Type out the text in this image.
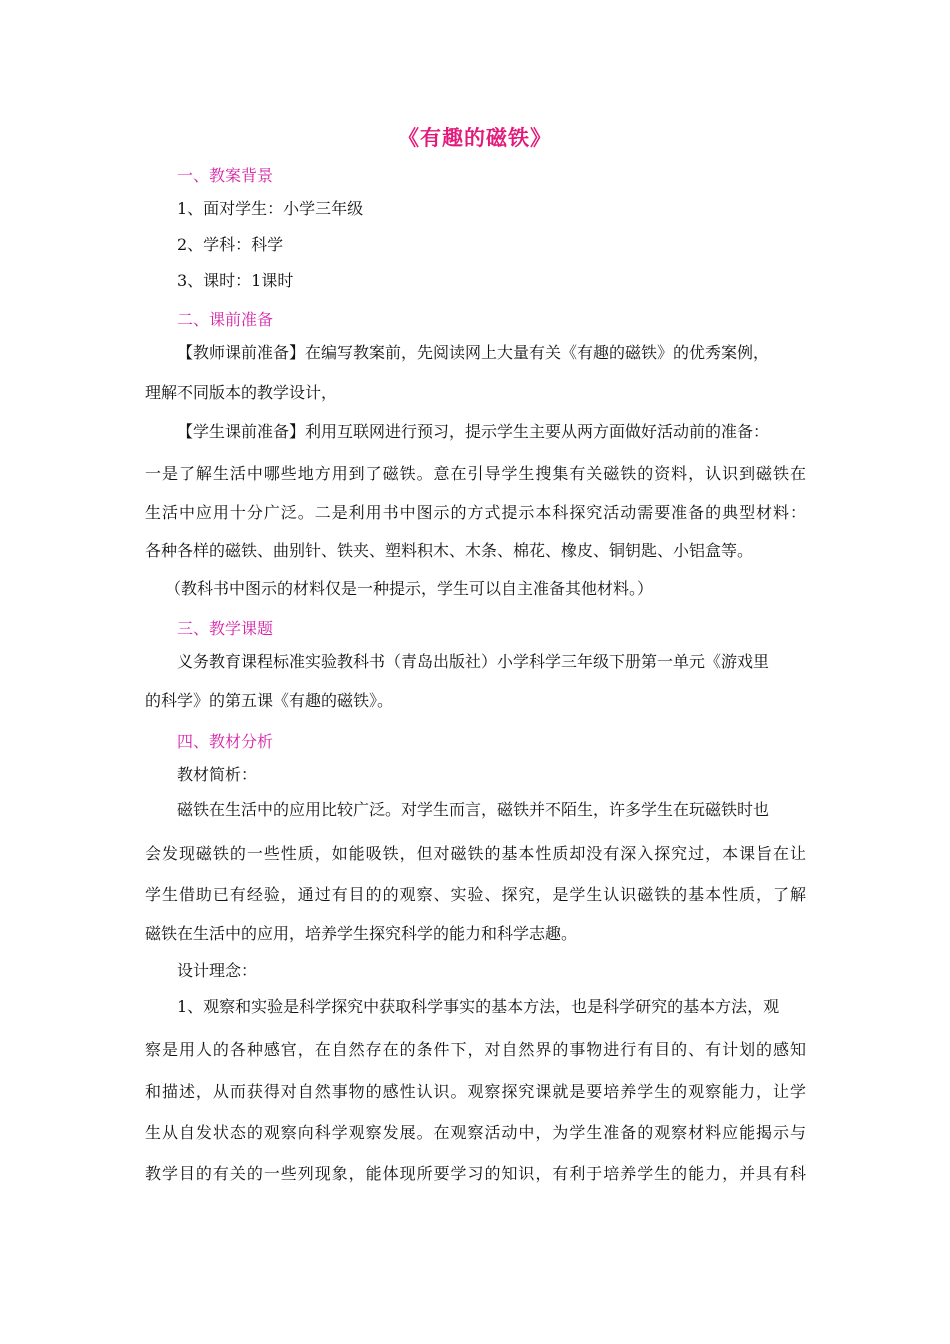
《有趣的磁铁》
一、教案背景
1、面对学生：小学三年级
2、学科：科学
3、课时：1课时
二、课前准备
【教师课前准备】在编写教案前，先阅读网上大量有关《有趣的磁铁》的优秀案例，
理解不同版本的教学设计，
【学生课前准备】利用互联网进行预习，提示学生主要从两方面做好活动前的准备：
一是了解生活中哪些地方用到了磁铁。意在引导学生搜集有关磁铁的资料，认识到磁铁在
生活中应用十分广泛。二是利用书中图示的方式提示本科探究活动需要准备的典型材料：
各种各样的磁铁、曲别针、铁夹、塑料积木、木条、棉花、橡皮、铜钥匙、小铝盒等。
（教科书中图示的材料仅是一种提示，学生可以自主准备其他材料。）
三、教学课题
义务教育课程标准实验教科书（青岛出版社）小学科学三年级下册第一单元《游戏里
的科学》的第五课《有趣的磁铁》。
四、教材分析
教材简析：
磁铁在生活中的应用比较广泛。对学生而言，磁铁并不陌生，许多学生在玩磁铁时也
会发现磁铁的一些性质，如能吸铁，但对磁铁的基本性质却没有深入探究过，本课旨在让
学生借助已有经验，通过有目的的观察、实验、探究，是学生认识磁铁的基本性质，了解
磁铁在生活中的应用，培养学生探究科学的能力和科学志趣。
设计理念：
1、观察和实验是科学探究中获取科学事实的基本方法，也是科学研究的基本方法，观
察是用人的各种感官，在自然存在的条件下，对自然界的事物进行有目的、有计划的感知
和描述，从而获得对自然事物的感性认识。观察探究课就是要培养学生的观察能力，让学
生从自发状态的观察向科学观察发展。在观察活动中，为学生准备的观察材料应能揭示与
教学目的有关的一些列现象，能体现所要学习的知识，有利于培养学生的能力，并具有科
